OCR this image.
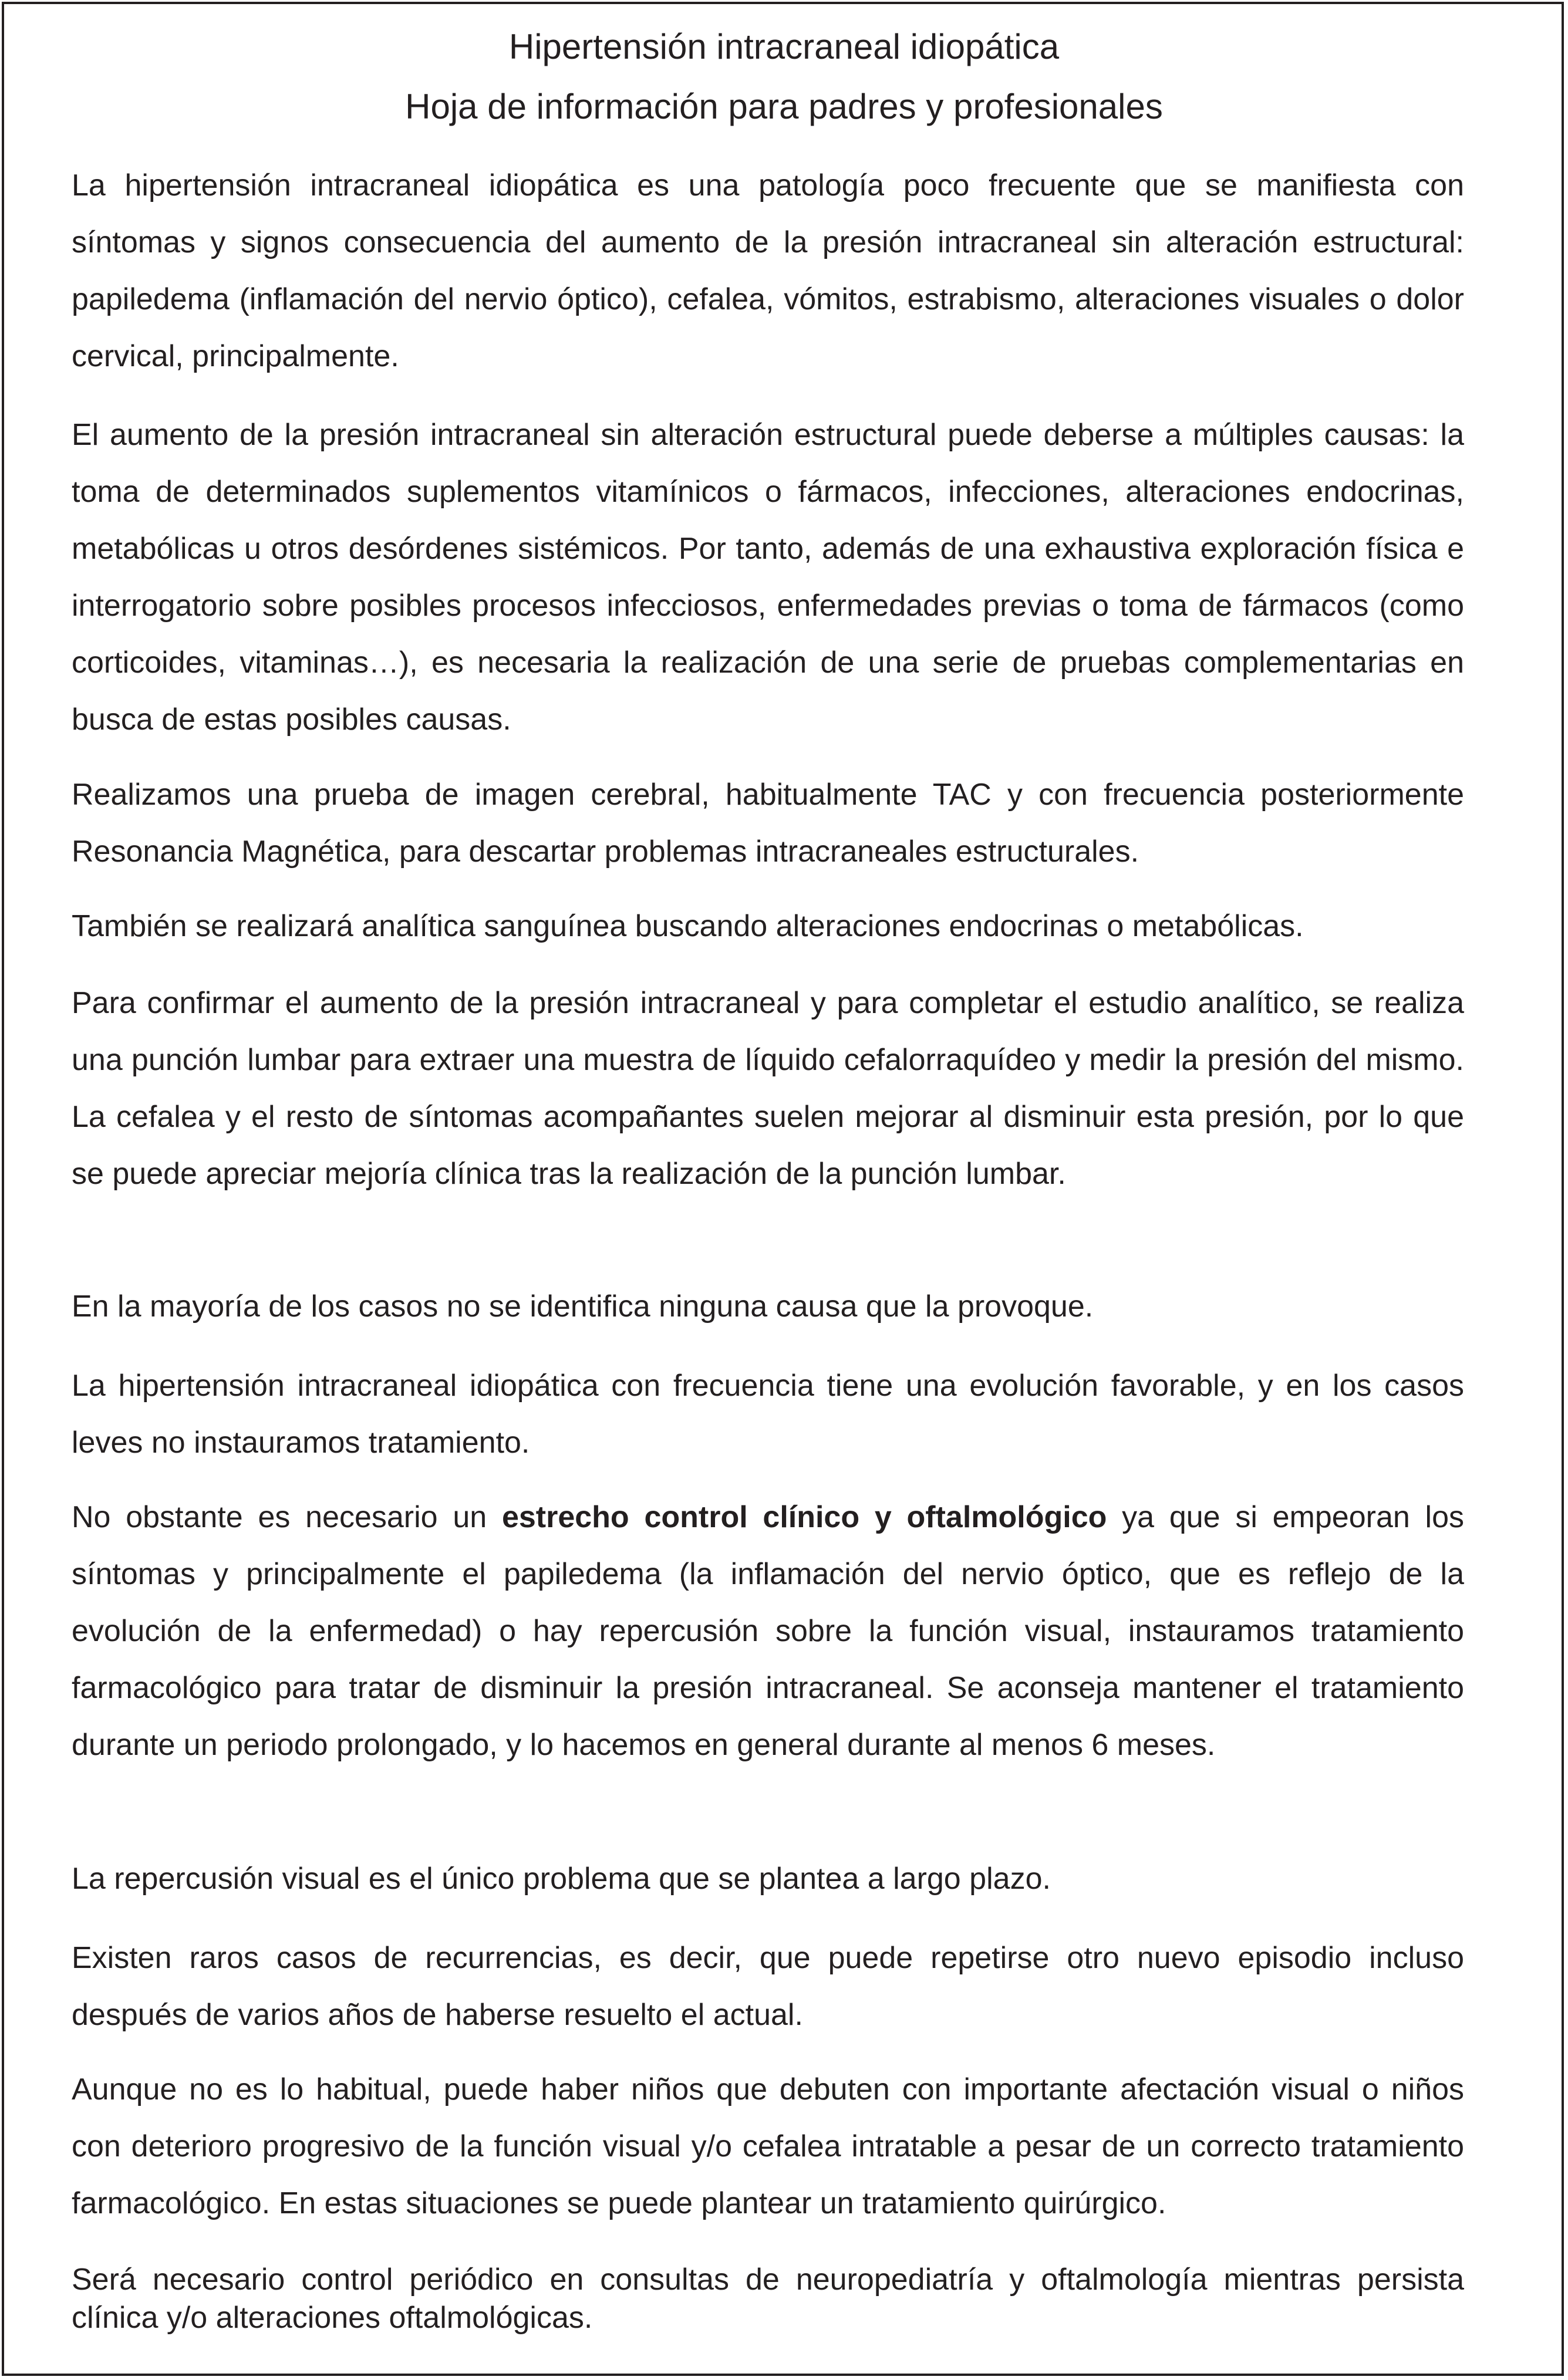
Hipertensión intracraneal idiopática
Hoja de información para padres y profesionales

La hipertensión intracraneal idiopática es una patología poco frecuente que se manifiesta con síntomas y signos consecuencia del aumento de la presión intracraneal sin alteración estructural: papiledema (inflamación del nervio óptico), cefalea, vómitos, estrabismo, alteraciones visuales o dolor cervical, principalmente.

El aumento de la presión intracraneal sin alteración estructural puede deberse a múltiples causas: la toma de determinados suplementos vitamínicos o fármacos, infecciones, alteraciones endocrinas, metabólicas u otros desórdenes sistémicos. Por tanto, además de una exhaustiva exploración física e interrogatorio sobre posibles procesos infecciosos, enfermedades previas o toma de fármacos (como corticoides, vitaminas…), es necesaria la realización de una serie de pruebas complementarias en busca de estas posibles causas.

Realizamos una prueba de imagen cerebral, habitualmente TAC y con frecuencia posteriormente Resonancia Magnética, para descartar problemas intracraneales estructurales.

También se realizará analítica sanguínea buscando alteraciones endocrinas o metabólicas.

Para confirmar el aumento de la presión intracraneal y para completar el estudio analítico, se realiza una punción lumbar para extraer una muestra de líquido cefalorraquídeo y medir la presión del mismo. La cefalea y el resto de síntomas acompañantes suelen mejorar al disminuir esta presión, por lo que se puede apreciar mejoría clínica tras la realización de la punción lumbar.

En la mayoría de los casos no se identifica ninguna causa que la provoque.

La hipertensión intracraneal idiopática con frecuencia tiene una evolución favorable, y en los casos leves no instauramos tratamiento.

No obstante es necesario un estrecho control clínico y oftalmológico ya que si empeoran los síntomas y principalmente el papiledema (la inflamación del nervio óptico, que es reflejo de la evolución de la enfermedad) o hay repercusión sobre la función visual, instauramos tratamiento farmacológico para tratar de disminuir la presión intracraneal. Se aconseja mantener el tratamiento durante un periodo prolongado, y lo hacemos en general durante al menos 6 meses.

La repercusión visual es el único problema que se plantea a largo plazo.

Existen raros casos de recurrencias, es decir, que puede repetirse otro nuevo episodio incluso después de varios años de haberse resuelto el actual.

Aunque no es lo habitual, puede haber niños que debuten con importante afectación visual o niños con deterioro progresivo de la función visual y/o cefalea intratable a pesar de un correcto tratamiento farmacológico. En estas situaciones se puede plantear un tratamiento quirúrgico.

Será necesario control periódico en consultas de neuropediatría y oftalmología mientras persista clínica y/o alteraciones oftalmológicas.
